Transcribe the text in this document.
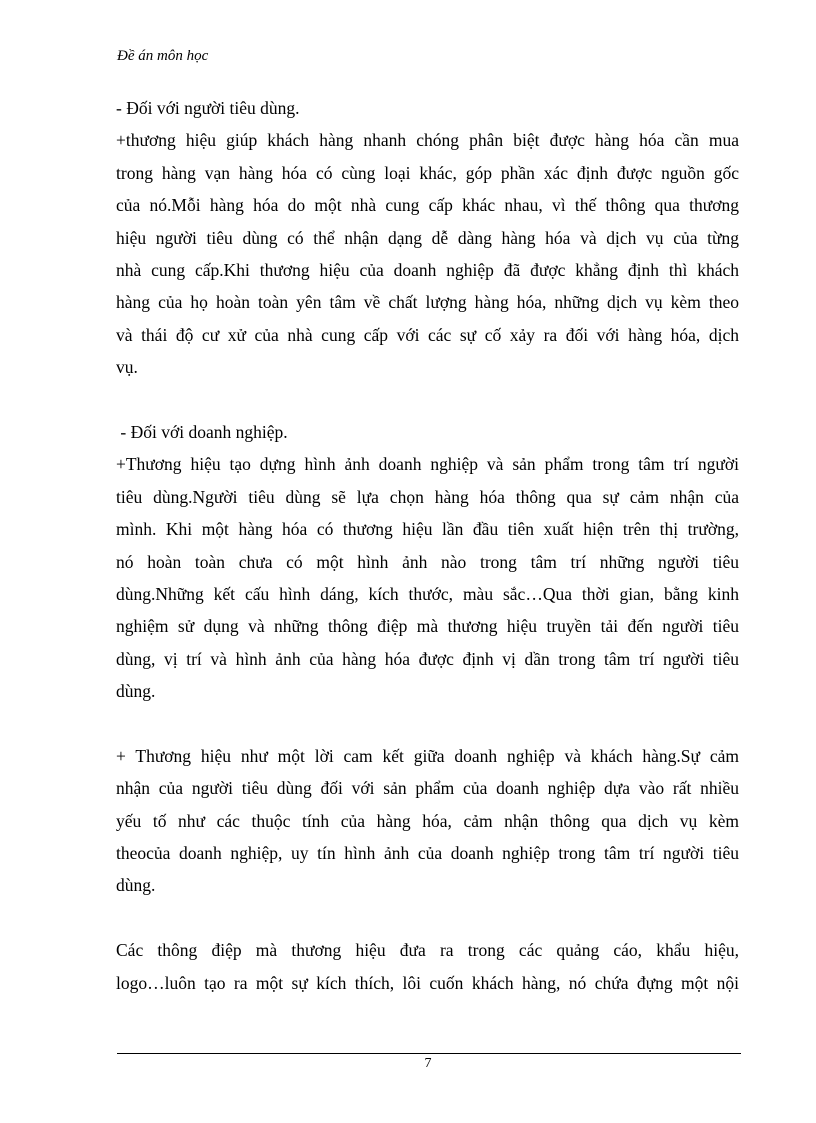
Đề án môn học
- Đối với người tiêu dùng.
+thương hiệu giúp khách hàng nhanh chóng phân biệt được hàng hóa cần mua
trong hàng vạn hàng hóa có cùng loại khác, góp phần xác định được nguồn gốc
của nó.Mỗi hàng hóa do một nhà cung cấp khác nhau, vì thế thông qua thương
hiệu người tiêu dùng có thể nhận dạng dễ dàng hàng hóa và dịch vụ của từng
nhà cung cấp.Khi thương hiệu của doanh nghiệp đã được khẳng định thì khách
hàng của họ hoàn toàn yên tâm về chất lượng hàng hóa, những dịch vụ kèm theo
và thái độ cư xử của nhà cung cấp với các sự cố xảy ra đối với hàng hóa, dịch
vụ.
- Đối với doanh nghiệp.
+Thương hiệu tạo dựng hình ảnh doanh nghiệp và sản phẩm trong tâm trí người
tiêu dùng.Người tiêu dùng sẽ lựa chọn hàng hóa thông qua sự cảm nhận của
mình. Khi một hàng hóa có thương hiệu lần đầu tiên xuất hiện trên thị trường,
nó hoàn toàn chưa có một hình ảnh nào trong tâm trí những người tiêu
dùng.Những kết cấu hình dáng, kích thước, màu sắc…Qua thời gian, bằng kinh
nghiệm sử dụng và những thông điệp mà thương hiệu truyền tải đến người tiêu
dùng, vị trí và hình ảnh của hàng hóa được định vị dần trong tâm trí người tiêu
dùng.
+ Thương hiệu như một lời cam kết giữa doanh nghiệp và khách hàng.Sự cảm
nhận của người tiêu dùng đối với sản phẩm của doanh nghiệp dựa vào rất nhiều
yếu tố như các thuộc tính của hàng hóa, cảm nhận thông qua dịch vụ kèm
theocủa doanh nghiệp, uy tín hình ảnh của doanh nghiệp trong tâm trí người tiêu
dùng.
Các thông điệp mà thương hiệu đưa ra trong các quảng cáo, khẩu hiệu,
logo…luôn tạo ra một sự kích thích, lôi cuốn khách hàng, nó chứa đựng một nội
7
